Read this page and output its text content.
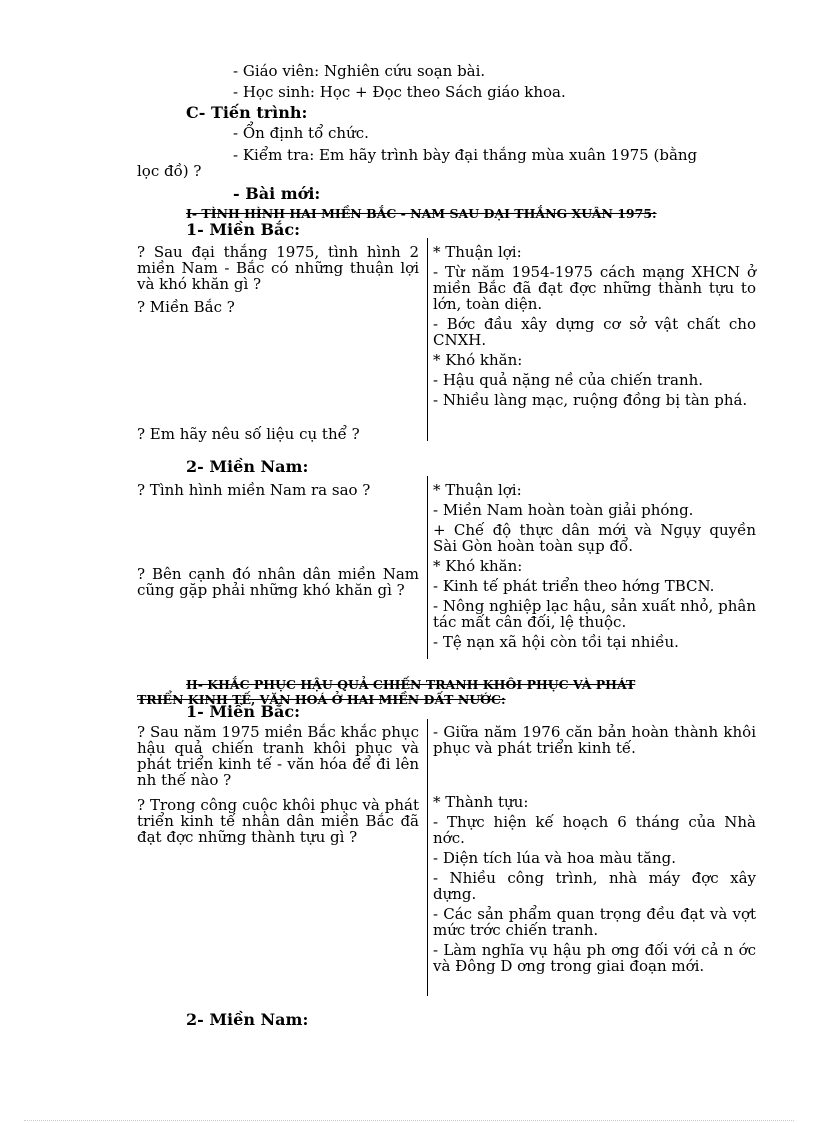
- Giáo viên: Nghiên cứu soạn bài.
- Học sinh: Học + Đọc theo Sách giáo khoa.
C- Tiến trình:
- Ổn định tổ chức.
- Kiểm tra: Em hãy trình bày đại thắng mùa xuân 1975 (bằng
lọc đồ) ?
- Bài mới:
I- TÌNH HÌNH HAI MIỀN BẮC - NAM SAU ĐẠI THẮNG XUÂN 1975:
1- Miền Bắc:
? Sau đại thắng 1975, tình hình 2 miền Nam - Bắc có những thuận lợi và khó khăn gì ?
? Miền Bắc ?
? Em hãy nêu số liệu cụ thể ?
* Thuận lợi:
- Từ năm 1954-1975 cách mạng XHCN ở miền Bắc đã đạt đợc những thành tựu to lớn, toàn diện.
- Bớc đầu xây dựng cơ sở vật chất cho CNXH.
* Khó khăn:
- Hậu quả nặng nề của chiến tranh.
- Nhiều làng mạc, ruộng đồng bị tàn phá.
2- Miền Nam:
? Tình hình miền Nam ra sao ?
? Bên cạnh đó nhân dân miền Nam cũng gặp phải những khó khăn gì ?
* Thuận lợi:
- Miền Nam hoàn toàn giải phóng.
+ Chế độ thực dân mới và Ngụy quyền Sài Gòn hoàn toàn sụp đổ.
* Khó khăn:
- Kinh tế phát triển theo hớng TBCN.
- Nông nghiệp lạc hậu, sản xuất nhỏ, phân tác mất cân đối, lệ thuộc.
- Tệ nạn xã hội còn tồi tại nhiều.
II- KHẮC PHỤC HẬU QUẢ CHIẾN TRANH KHÔI PHỤC VÀ PHÁT
TRIỂN KINH TẾ, VĂN HOÁ Ở HAI MIỀN ĐẤT NƯỚC:
1- Miền Bắc:
? Sau năm 1975 miền Bắc khắc phục hậu quả chiến tranh khôi phục và phát triển kinh tế - văn hóa để đi lên nh thế nào ?
? Trong công cuộc khôi phục và phát triển kinh tế nhân dân miền Bắc đã đạt đợc những thành tựu gì ?
- Giữa năm 1976 căn bản hoàn thành khôi phục và phát triển kinh tế.
* Thành tựu:
- Thực hiện kế hoạch 6 tháng của Nhà nớc.
- Diện tích lúa và hoa màu tăng.
- Nhiều công trình, nhà máy đợc xây dựng.
- Các sản phẩm quan trọng đều đạt và vợt mức trớc chiến tranh.
- Làm nghĩa vụ hậu ph ơng đối với cả n ớc và Đông D ơng trong giai đoạn mới.
2- Miền Nam:
